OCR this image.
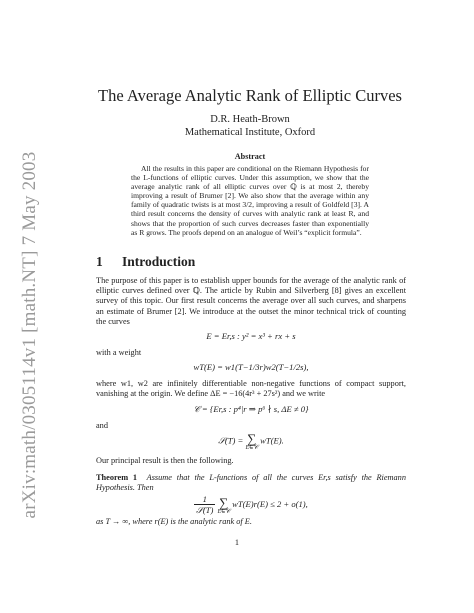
arXiv:math/0305114v1 [math.NT] 7 May 2003
The Average Analytic Rank of Elliptic Curves
D.R. Heath-Brown
Mathematical Institute, Oxford
Abstract
All the results in this paper are conditional on the Riemann Hypothesis for the L-functions of elliptic curves. Under this assumption, we show that the average analytic rank of all elliptic curves over ℚ is at most 2, thereby improving a result of Brumer [2]. We also show that the average within any family of quadratic twists is at most 3/2, improving a result of Goldfeld [3]. A third result concerns the density of curves with analytic rank at least R, and shows that the proportion of such curves decreases faster than exponentially as R grows. The proofs depend on an analogue of Weil’s “explicit formula”.
1 Introduction
The purpose of this paper is to establish upper bounds for the average of the analytic rank of elliptic curves defined over ℚ. The article by Rubin and Silverberg [8] gives an excellent survey of this topic. Our first result concerns the average over all such curves, and sharpens an estimate of Brumer [2]. We introduce at the outset the minor technical trick of counting the curves
E = Er,s : y² = x³ + rx + s
with a weight
wT(E) = w1(T−1/3r)w2(T−1/2s),
where w1, w2 are infinitely differentiable non-negative functions of compact support, vanishing at the origin. We define ΔE = −16(4r³ + 27s²) and we write
𝒞 = {Er,s : p⁴|r ⇒ p⁶ ∤ s, ΔE ≠ 0}
and
𝒮(T) = ∑
E∈𝒞
wT(E).
Our principal result is then the following.
Theorem 1 Assume that the L-functions of all the curves Er,s satisfy the Riemann Hypothesis. Then
$\frac{1}{\text{𝒮(T)}}$
∑
E∈𝒞
wT(E)r(E) ≤ 2 + o(1),
as T → ∞, where r(E) is the analytic rank of E.
1
